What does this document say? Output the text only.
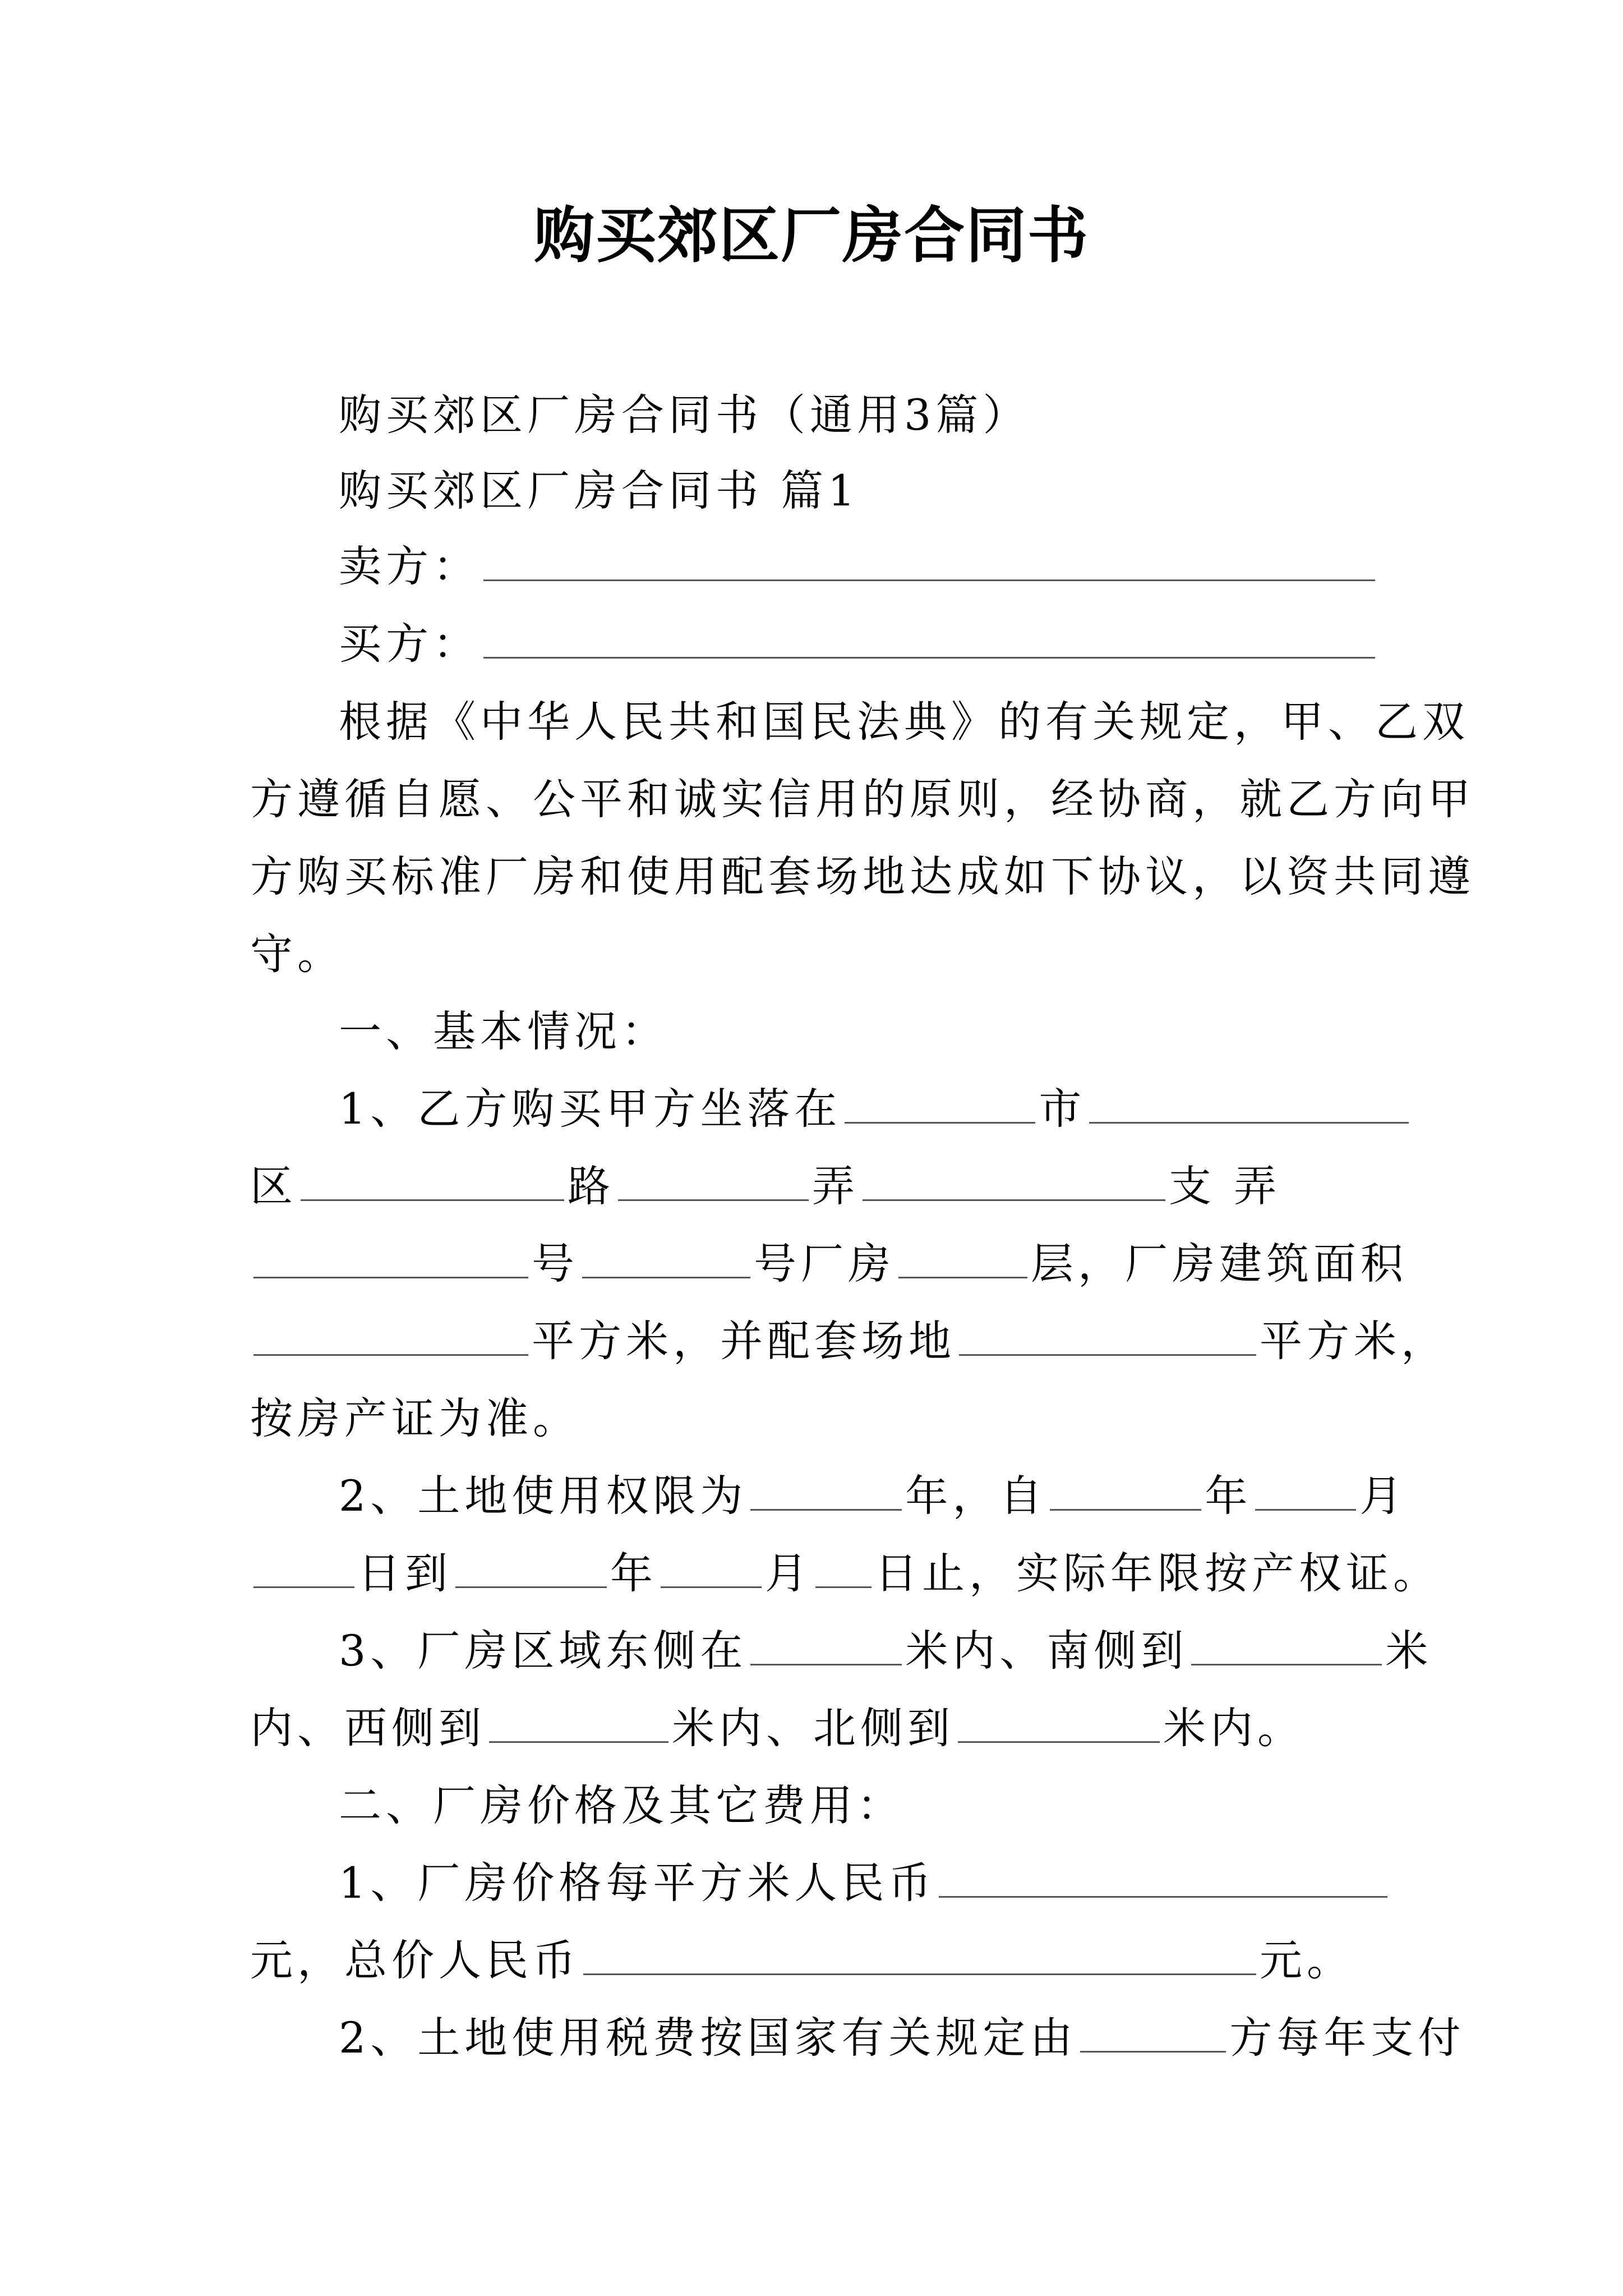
购买郊区厂房合同书
购买郊区厂房合同书（通用3篇）
购买郊区厂房合同书 篇1
卖方：
买方：
根据《中华人民共和国民法典》的有关规定，甲、乙双
方遵循自愿、公平和诚实信用的原则，经协商，就乙方向甲
方购买标准厂房和使用配套场地达成如下协议，以资共同遵
守。
一、基本情况：
1、乙方购买甲方坐落在	市
区	路	弄	支 弄
号	号厂房	层，厂房建筑面积
平方米，并配套场地	平方米，
按房产证为准。
2、土地使用权限为	年，自	年	月
日到	年	月 日止，实际年限按产权证。
3、厂房区域东侧在	米内、南侧到	米
内、西侧到	米内、北侧到	米内。
二、厂房价格及其它费用：
1、厂房价格每平方米人民币
元，总价人民币	元。
2、土地使用税费按国家有关规定由	方每年支付
